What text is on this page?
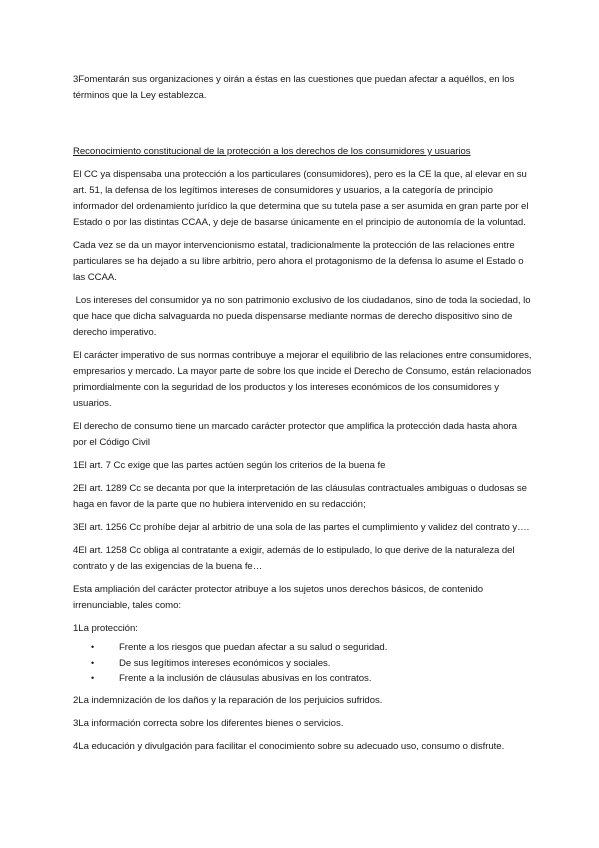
3Fomentarán sus organizaciones y oirán a éstas en las cuestiones que puedan afectar a aquéllos, en los términos que la Ley establezca.

Reconocimiento constitucional de la protección a los derechos de los consumidores y usuarios

El CC ya dispensaba una protección a los particulares (consumidores), pero es la CE la que, al elevar en su art. 51, la defensa de los legítimos intereses de consumidores y usuarios, a la categoría de principio informador del ordenamiento jurídico la que determina que su tutela pase a ser asumida en gran parte por el Estado o por las distintas CCAA, y deje de basarse únicamente en el principio de autonomía de la voluntad.

Cada vez se da un mayor intervencionismo estatal, tradicionalmente la protección de las relaciones entre particulares se ha dejado a su libre arbitrio, pero ahora el protagonismo de la defensa lo asume el Estado o las CCAA.

Los intereses del consumidor ya no son patrimonio exclusivo de los ciudadanos, sino de toda la sociedad, lo que hace que dicha salvaguarda no pueda dispensarse mediante normas de derecho dispositivo sino de derecho imperativo.

El carácter imperativo de sus normas contribuye a mejorar el equilibrio de las relaciones entre consumidores, empresarios y mercado. La mayor parte de sobre los que incide el Derecho de Consumo, están relacionados primordialmente con la seguridad de los productos y los intereses económicos de los consumidores y usuarios.

El derecho de consumo tiene un marcado carácter protector que amplifica la protección dada hasta ahora por el Código Civil

1El art. 7 Cc exige que las partes actúen según los criterios de la buena fe

2El art. 1289 Cc se decanta por que la interpretación de las cláusulas contractuales ambiguas o dudosas se haga en favor de la parte que no hubiera intervenido en su redacción;

3El art. 1256 Cc prohíbe dejar al arbitrio de una sola de las partes el cumplimiento y validez del contrato y….

4El art. 1258 Cc obliga al contratante a exigir, además de lo estipulado, lo que derive de la naturaleza del contrato y de las exigencias de la buena fe…

Esta ampliación del carácter protector atribuye a los sujetos unos derechos básicos, de contenido irrenunciable, tales como:

1La protección:

•	Frente a los riesgos que puedan afectar a su salud o seguridad.
•	De sus legítimos intereses económicos y sociales.
•	Frente a la inclusión de cláusulas abusivas en los contratos.

2La indemnización de los daños y la reparación de los perjuicios sufridos.

3La información correcta sobre los diferentes bienes o servicios.

4La educación y divulgación para facilitar el conocimiento sobre su adecuado uso, consumo o disfrute.
